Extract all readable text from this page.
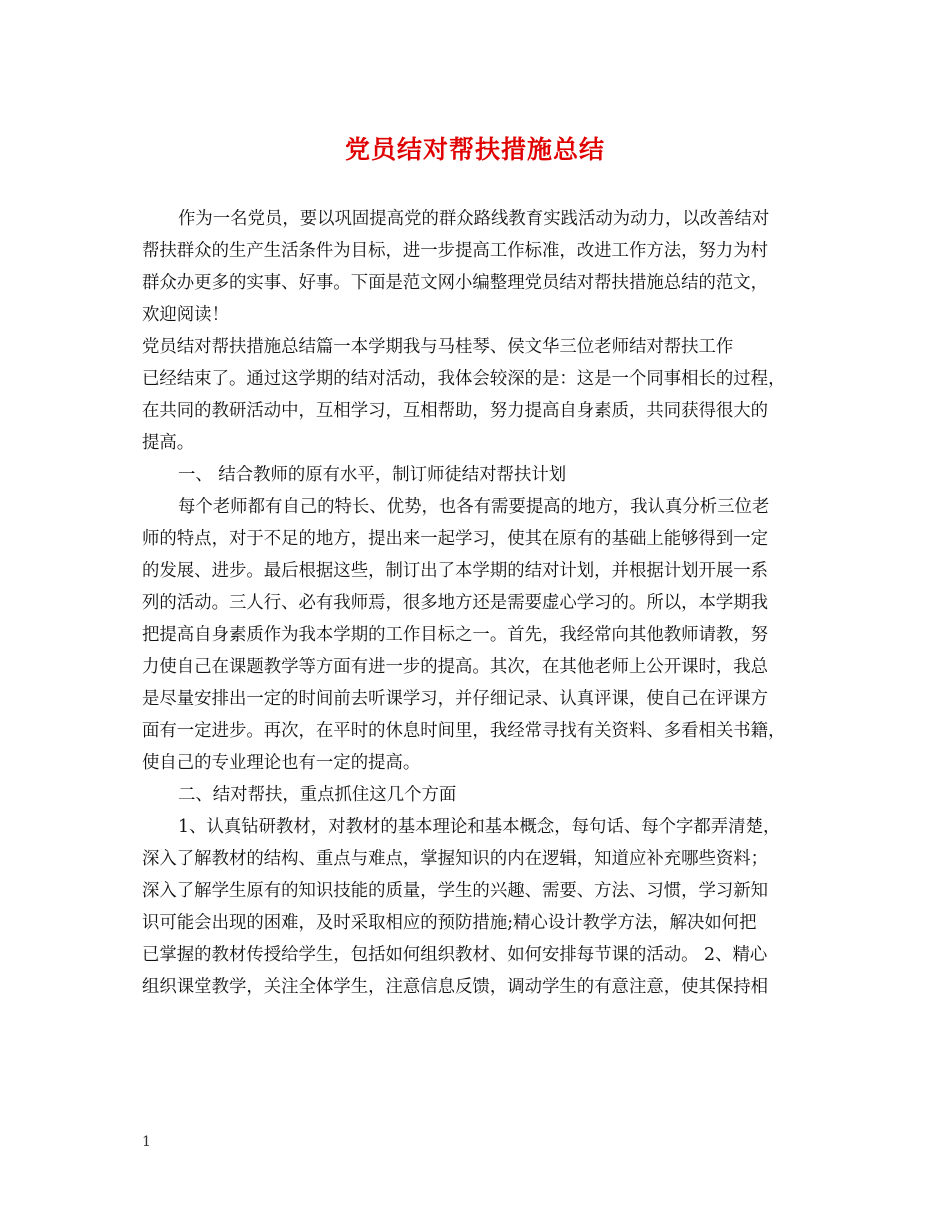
党员结对帮扶措施总结
作为一名党员，要以巩固提高党的群众路线教育实践活动为动力，以改善结对
帮扶群众的生产生活条件为目标，进一步提高工作标准，改进工作方法，努力为村
群众办更多的实事、好事。下面是范文网小编整理党员结对帮扶措施总结的范文，
欢迎阅读！
党员结对帮扶措施总结篇一本学期我与马桂琴、侯文华三位老师结对帮扶工作
已经结束了。通过这学期的结对活动，我体会较深的是：这是一个同事相长的过程，
在共同的教研活动中，互相学习，互相帮助，努力提高自身素质，共同获得很大的
提高。
一、 结合教师的原有水平，制订师徒结对帮扶计划
每个老师都有自己的特长、优势，也各有需要提高的地方，我认真分析三位老
师的特点，对于不足的地方，提出来一起学习，使其在原有的基础上能够得到一定
的发展、进步。最后根据这些，制订出了本学期的结对计划，并根据计划开展一系
列的活动。三人行、必有我师焉，很多地方还是需要虚心学习的。所以，本学期我
把提高自身素质作为我本学期的工作目标之一。首先，我经常向其他教师请教，努
力使自己在课题教学等方面有进一步的提高。其次，在其他老师上公开课时，我总
是尽量安排出一定的时间前去听课学习，并仔细记录、认真评课，使自己在评课方
面有一定进步。再次，在平时的休息时间里，我经常寻找有关资料、多看相关书籍，
使自己的专业理论也有一定的提高。
二、结对帮扶，重点抓住这几个方面
1、认真钻研教材，对教材的基本理论和基本概念，每句话、每个字都弄清楚，
深入了解教材的结构、重点与难点，掌握知识的内在逻辑，知道应补充哪些资料；
深入了解学生原有的知识技能的质量，学生的兴趣、需要、方法、习惯，学习新知
识可能会出现的困难，及时采取相应的预防措施;精心设计教学方法，解决如何把
已掌握的教材传授给学生，包括如何组织教材、如何安排每节课的活动。 2、精心
组织课堂教学，关注全体学生，注意信息反馈，调动学生的有意注意，使其保持相
1
